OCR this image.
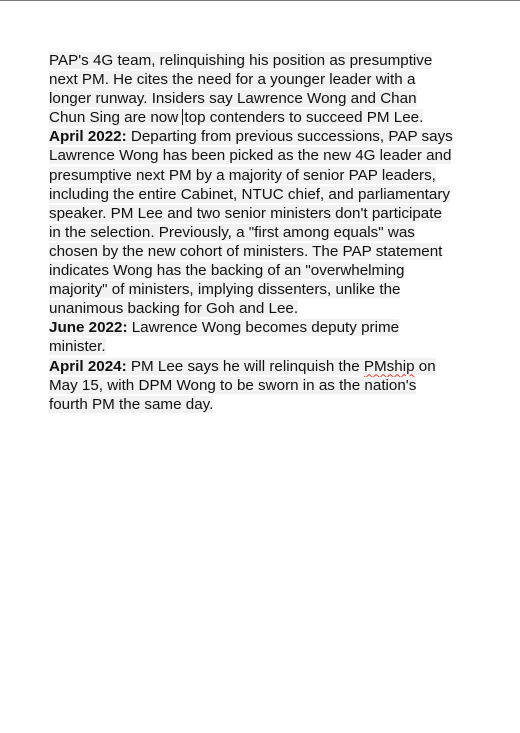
PAP's 4G team, relinquishing his position as presumptive
next PM. He cites the need for a younger leader with a
longer runway. Insiders say Lawrence Wong and Chan
Chun Sing are now top contenders to succeed PM Lee.
April 2022: Departing from previous successions, PAP says
Lawrence Wong has been picked as the new 4G leader and
presumptive next PM by a majority of senior PAP leaders,
including the entire Cabinet, NTUC chief, and parliamentary
speaker. PM Lee and two senior ministers don't participate
in the selection. Previously, a "first among equals" was
chosen by the new cohort of ministers. The PAP statement
indicates Wong has the backing of an "overwhelming
majority" of ministers, implying dissenters, unlike the
unanimous backing for Goh and Lee.
June 2022: Lawrence Wong becomes deputy prime
minister.
April 2024: PM Lee says he will relinquish the PMship on
May 15, with DPM Wong to be sworn in as the nation's
fourth PM the same day.
